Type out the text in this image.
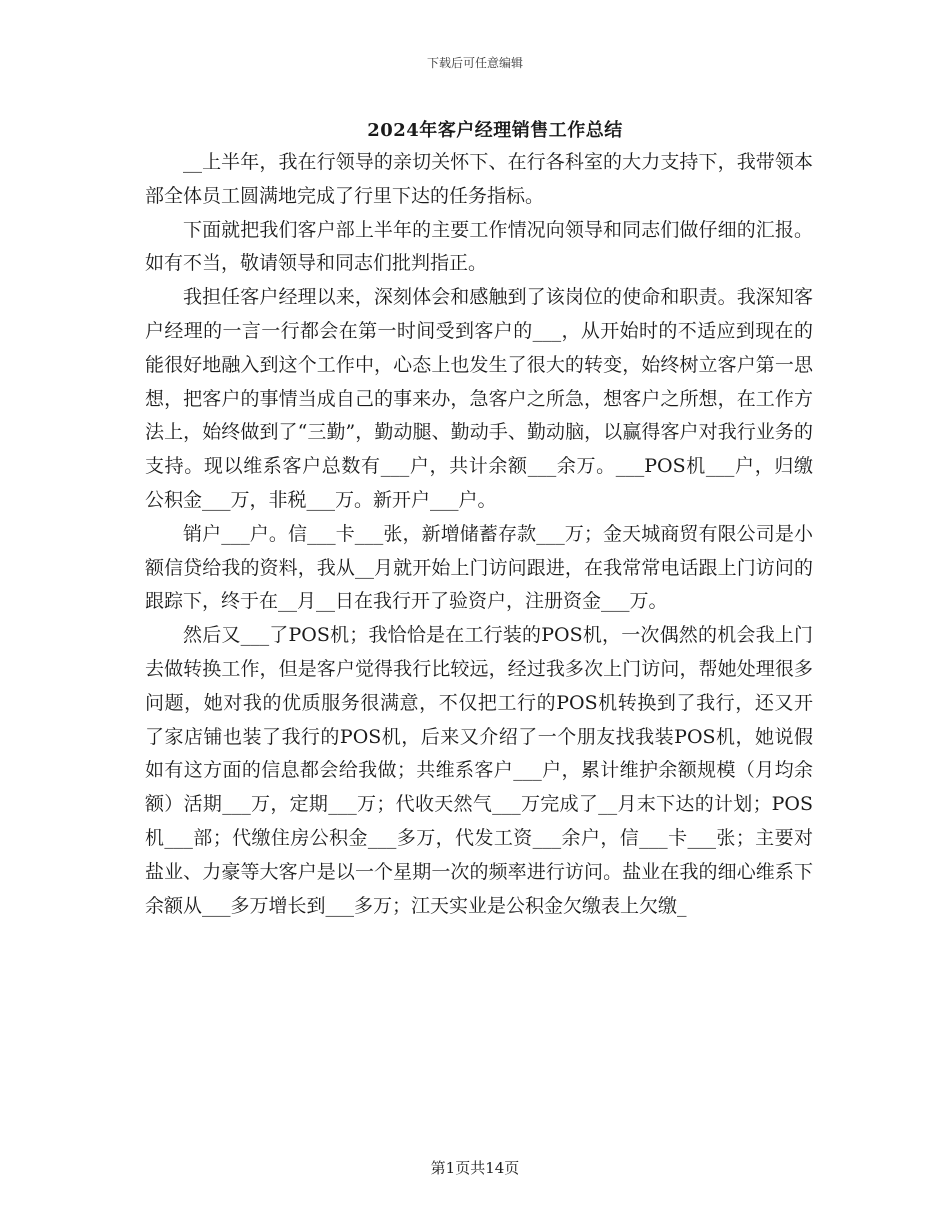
下载后可任意编辑
2024年客户经理销售工作总结

__上半年，我在行领导的亲切关怀下、在行各科室的大力支持下，我带领本部全体员工圆满地完成了行里下达的任务指标。

下面就把我们客户部上半年的主要工作情况向领导和同志们做仔细的汇报。如有不当，敬请领导和同志们批判指正。

我担任客户经理以来，深刻体会和感触到了该岗位的使命和职责。我深知客户经理的一言一行都会在第一时间受到客户的___，从开始时的不适应到现在的能很好地融入到这个工作中，心态上也发生了很大的转变，始终树立客户第一思想，把客户的事情当成自己的事来办，急客户之所急，想客户之所想，在工作方法上，始终做到了“三勤”，勤动腿、勤动手、勤动脑，以赢得客户对我行业务的支持。现以维系客户总数有___户，共计余额___余万。___POS机___户，归缴公积金___万，非税___万。新开户___户。

销户___户。信___卡___张，新增储蓄存款___万；金天城商贸有限公司是小额信贷给我的资料，我从__月就开始上门访问跟进，在我常常电话跟上门访问的跟踪下，终于在__月__日在我行开了验资户，注册资金___万。

然后又___了POS机；我恰恰是在工行装的POS机，一次偶然的机会我上门去做转换工作，但是客户觉得我行比较远，经过我多次上门访问，帮她处理很多问题，她对我的优质服务很满意，不仅把工行的POS机转换到了我行，还又开了家店铺也装了我行的POS机，后来又介绍了一个朋友找我装POS机，她说假如有这方面的信息都会给我做；共维系客户___户，累计维护余额规模（月均余额）活期___万，定期___万；代收天然气___万完成了__月末下达的计划；POS机___部；代缴住房公积金___多万，代发工资___余户，信___卡___张；主要对盐业、力豪等大客户是以一个星期一次的频率进行访问。盐业在我的细心维系下余额从___多万增长到___多万；江天实业是公积金欠缴表上欠缴_

第1页共14页
